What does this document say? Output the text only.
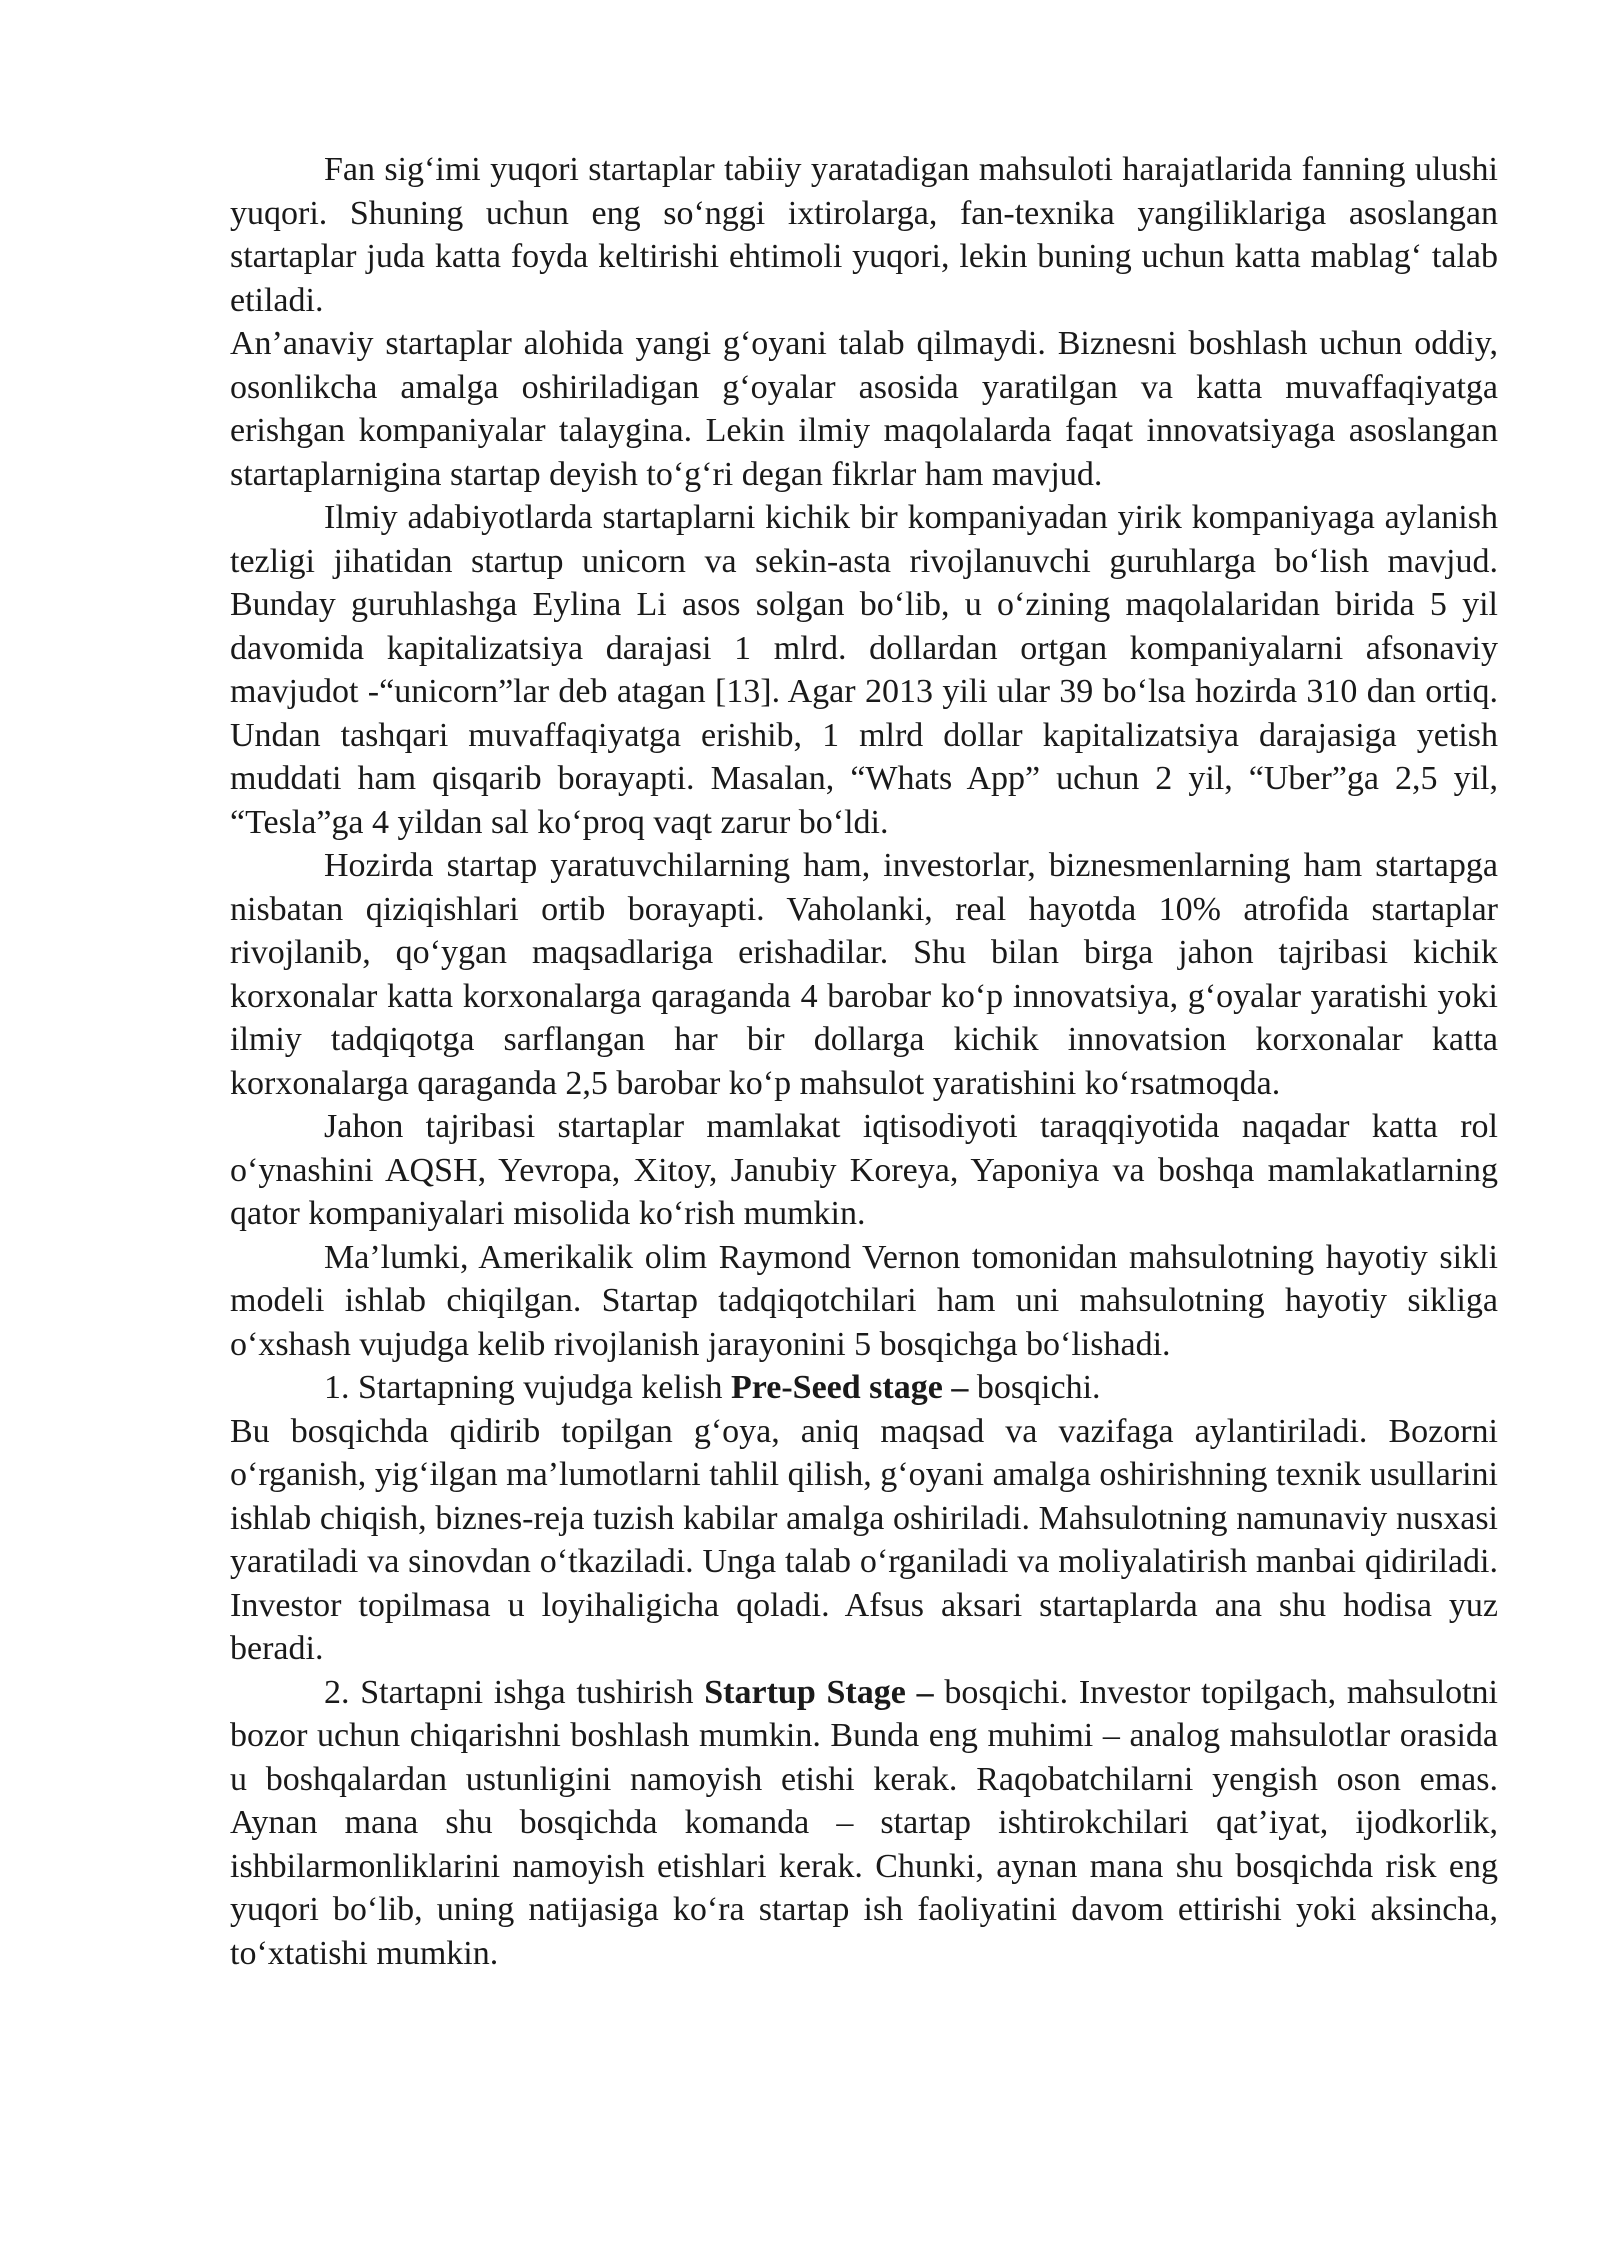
Fan sig‘imi yuqori startaplar tabiiy yaratadigan mahsuloti harajatlarida fanning ulushi yuqori. Shuning uchun eng so‘nggi ixtirolarga, fan-texnika yangiliklariga asoslangan startaplar juda katta foyda keltirishi ehtimoli yuqori, lekin buning uchun katta mablag‘ talab etiladi.

An’anaviy startaplar alohida yangi g‘oyani talab qilmaydi. Biznesni boshlash uchun oddiy, osonlikcha amalga oshiriladigan g‘oyalar asosida yaratilgan va katta muvaffaqiyatga erishgan kompaniyalar talaygina. Lekin ilmiy maqolalarda faqat innovatsiyaga asoslangan startaplarnigina startap deyish to‘g‘ri degan fikrlar ham mavjud.

Ilmiy adabiyotlarda startaplarni kichik bir kompaniyadan yirik kompaniyaga aylanish tezligi jihatidan startup unicorn va sekin-asta rivojlanuvchi guruhlarga bo‘lish mavjud. Bunday guruhlashga Eylina Li asos solgan bo‘lib, u o‘zining maqolalaridan birida 5 yil davomida kapitalizatsiya darajasi 1 mlrd. dollardan ortgan kompaniyalarni afsonaviy mavjudot -“unicorn”lar deb atagan [13]. Agar 2013 yili ular 39 bo‘lsa hozirda 310 dan ortiq. Undan tashqari muvaffaqiyatga erishib, 1 mlrd dollar kapitalizatsiya darajasiga yetish muddati ham qisqarib borayapti. Masalan, “Whats App” uchun 2 yil, “Uber”ga 2,5 yil, “Tesla”ga 4 yildan sal ko‘proq vaqt zarur bo‘ldi.

Hozirda startap yaratuvchilarning ham, investorlar, biznesmenlarning ham startapga nisbatan qiziqishlari ortib borayapti. Vaholanki, real hayotda 10% atrofida startaplar rivojlanib, qo‘ygan maqsadlariga erishadilar. Shu bilan birga jahon tajribasi kichik korxonalar katta korxonalarga qaraganda 4 barobar ko‘p innovatsiya, g‘oyalar yaratishi yoki ilmiy tadqiqotga sarflangan har bir dollarga kichik innovatsion korxonalar katta korxonalarga qaraganda 2,5 barobar ko‘p mahsulot yaratishini ko‘rsatmoqda.

Jahon tajribasi startaplar mamlakat iqtisodiyoti taraqqiyotida naqadar katta rol o‘ynashini AQSH, Yevropa, Xitoy, Janubiy Koreya, Yaponiya va boshqa mamlakatlarning qator kompaniyalari misolida ko‘rish mumkin.

Ma’lumki, Amerikalik olim Raymond Vernon tomonidan mahsulotning hayotiy sikli modeli ishlab chiqilgan. Startap tadqiqotchilari ham uni mahsulotning hayotiy sikliga o‘xshash vujudga kelib rivojlanish jarayonini 5 bosqichga bo‘lishadi.

1. Startapning vujudga kelish Pre-Seed stage – bosqichi.

Bu bosqichda qidirib topilgan g‘oya, aniq maqsad va vazifaga aylantiriladi. Bozorni o‘rganish, yig‘ilgan ma’lumotlarni tahlil qilish, g‘oyani amalga oshirishning texnik usullarini ishlab chiqish, biznes-reja tuzish kabilar amalga oshiriladi. Mahsulotning namunaviy nusxasi yaratiladi va sinovdan o‘tkaziladi. Unga talab o‘rganiladi va moliyalatirish manbai qidiriladi. Investor topilmasa u loyihaligicha qoladi. Afsus aksari startaplarda ana shu hodisa yuz beradi.

2. Startapni ishga tushirish Startup Stage – bosqichi. Investor topilgach, mahsulotni bozor uchun chiqarishni boshlash mumkin. Bunda eng muhimi – analog mahsulotlar orasida u boshqalardan ustunligini namoyish etishi kerak. Raqobatchilarni yengish oson emas. Aynan mana shu bosqichda komanda – startap ishtirokchilari qat’iyat, ijodkorlik, ishbilarmonliklarini namoyish etishlari kerak. Chunki, aynan mana shu bosqichda risk eng yuqori bo‘lib, uning natijasiga ko‘ra startap ish faoliyatini davom ettirishi yoki aksincha, to‘xtatishi mumkin.
